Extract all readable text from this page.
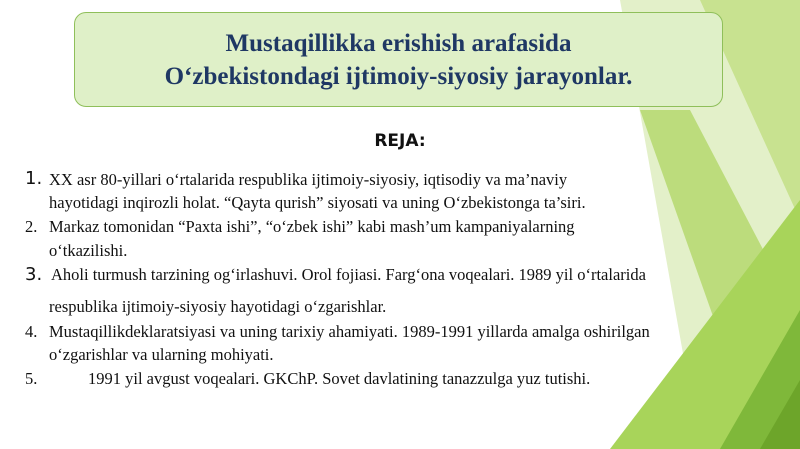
Mustaqillikka erishish arafasida
O‘zbekistondagi ijtimoiy-siyosiy jarayonlar.
REJA:
1. XX asr 80-yillari o‘rtalarida respublika ijtimoiy-siyosiy, iqtisodiy va ma’naviy
hayotidagi inqirozli holat. “Qayta qurish” siyosati va uning O‘zbekistonga ta’siri.
2. Markaz tomonidan “Paxta ishi”, “o‘zbek ishi” kabi mash’um kampaniyalarning
o‘tkazilishi.
3. Aholi turmush tarzining og‘irlashuvi. Orol fojiasi. Farg‘ona voqealari. 1989 yil o‘rtalarida
respublika ijtimoiy-siyosiy hayotidagi o‘zgarishlar.
4. Mustaqillikdeklaratsiyasi va uning tarixiy ahamiyati. 1989-1991 yillarda amalga oshirilgan
o‘zgarishlar va ularning mohiyati.
5.	1991 yil avgust voqealari. GKChP. Sovet davlatining tanazzulga yuz tutishi.
